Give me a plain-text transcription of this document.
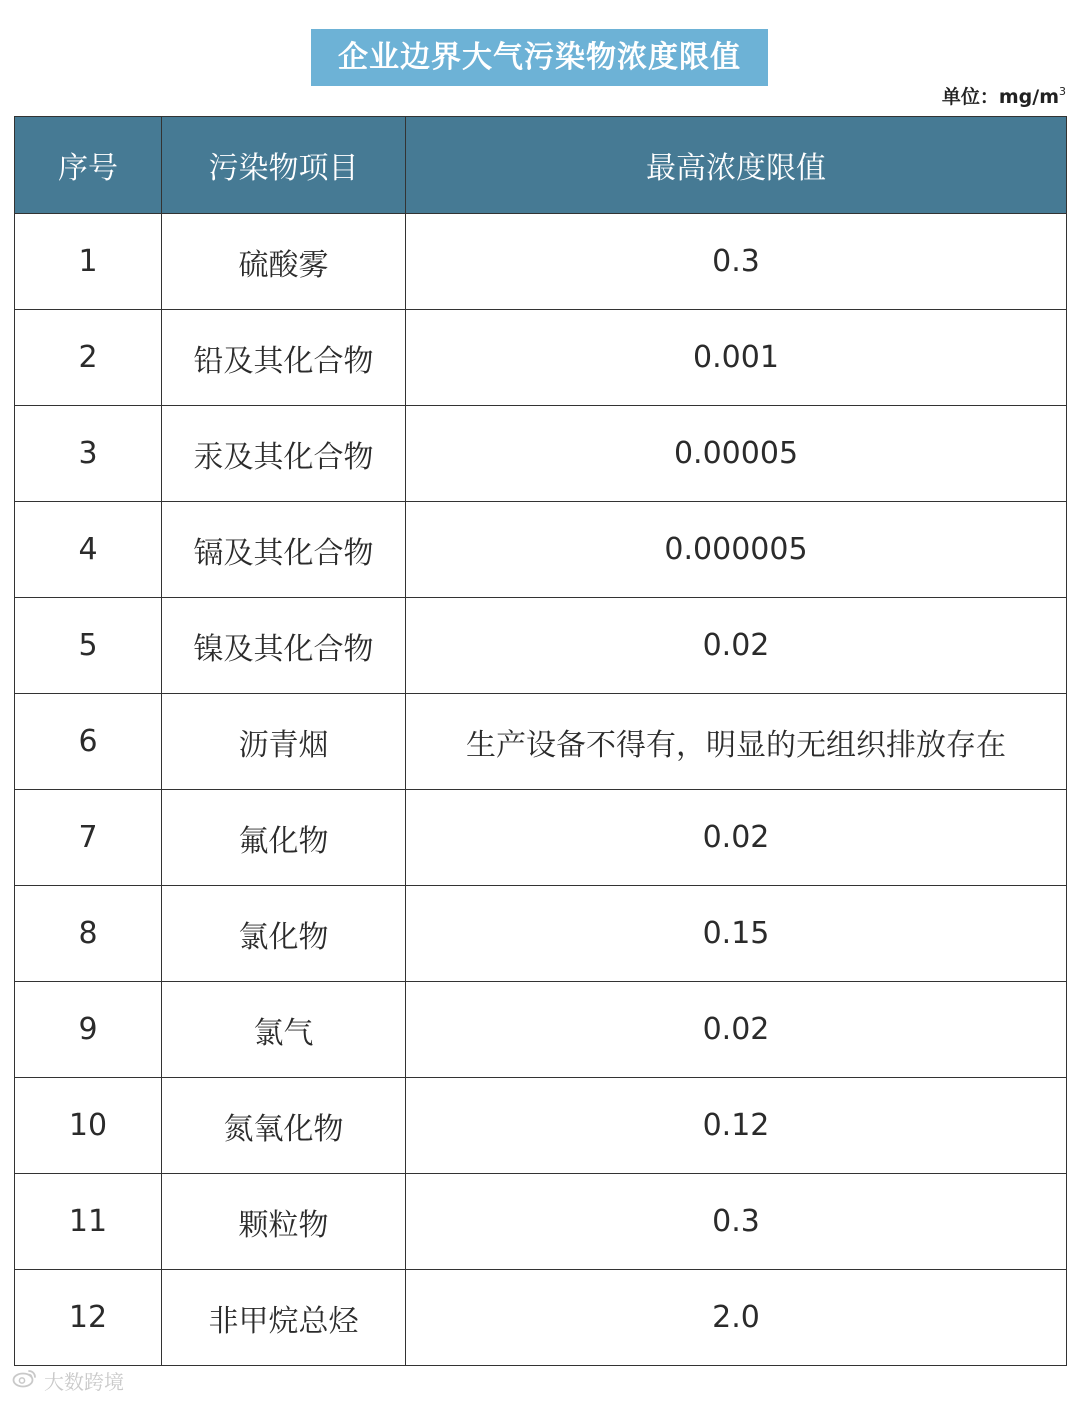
企业边界大气污染物浓度限值
单位：$mg/m^3$
序号	污染物项目	最高浓度限值
1	硫酸雾	0.3
2	铅及其化合物	0.001
3	汞及其化合物	0.00005
4	镉及其化合物	0.000005
5	镍及其化合物	0.02
6	沥青烟	生产设备不得有，明显的无组织排放存在
7	氟化物	0.02
8	氯化物	0.15
9	氯气	0.02
10	氮氧化物	0.12
11	颗粒物	0.3
12	非甲烷总烃	2.0
大数跨境
